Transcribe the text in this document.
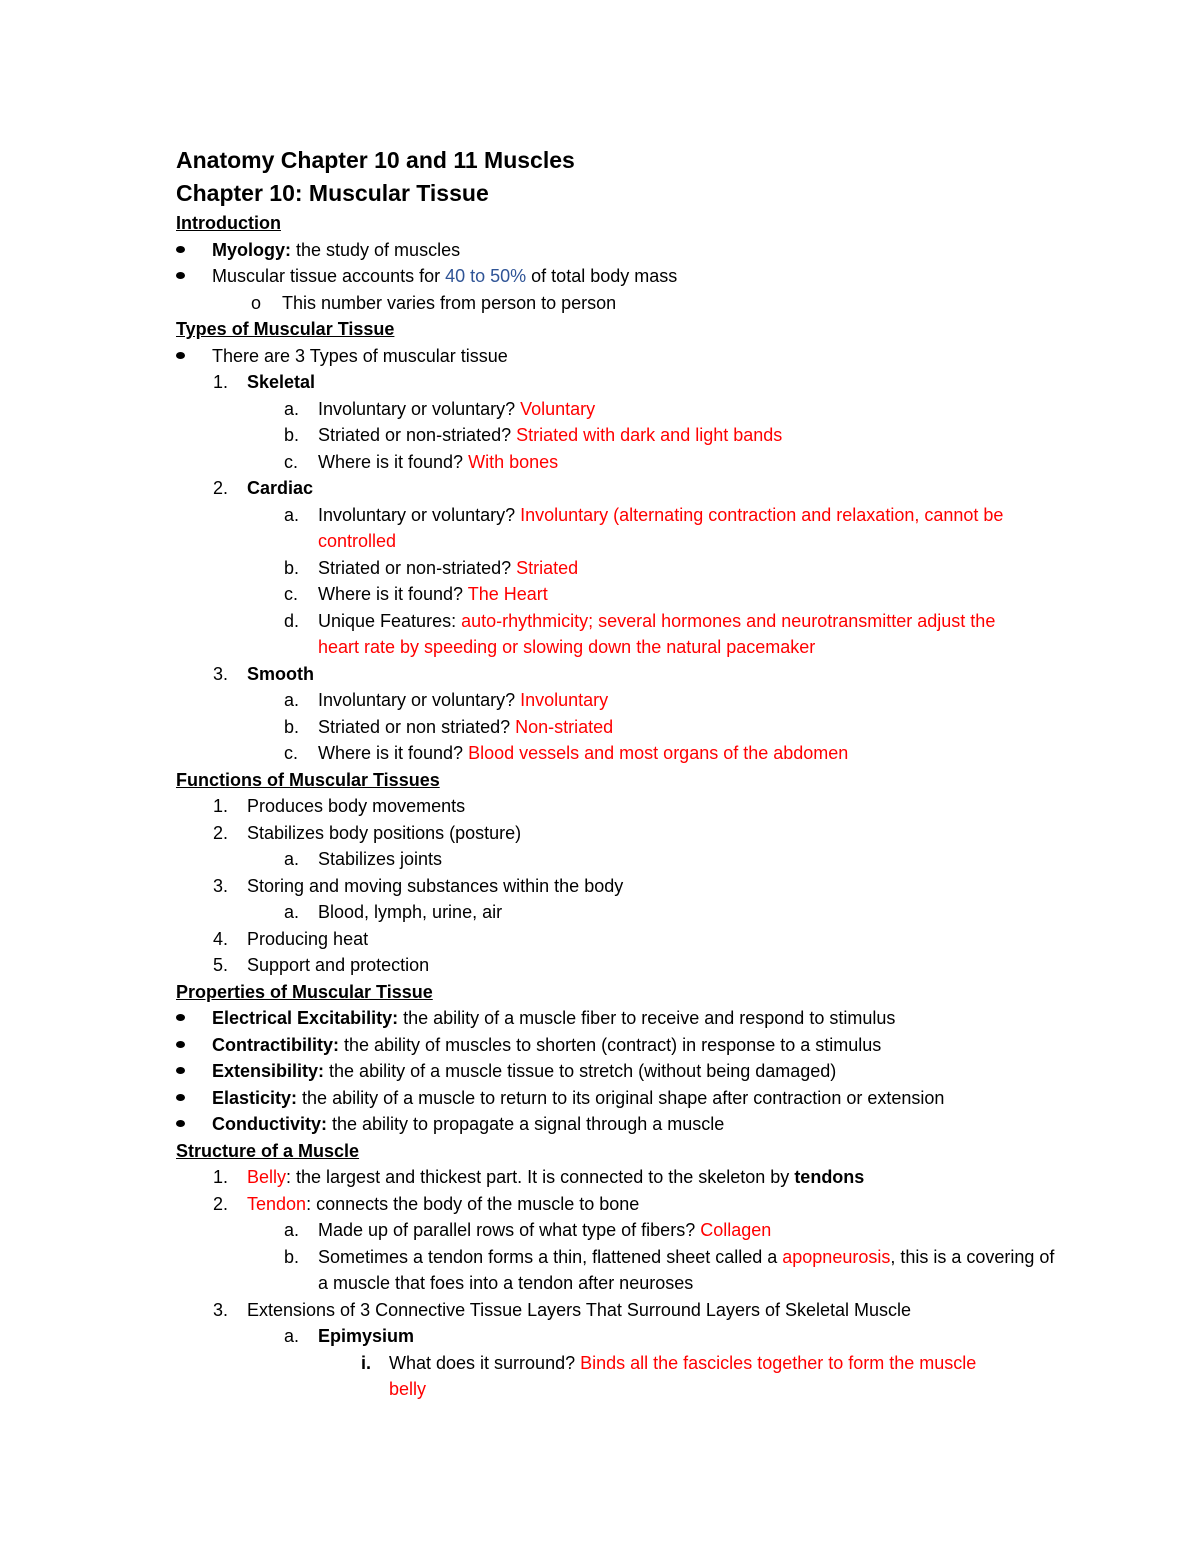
Anatomy Chapter 10 and 11 Muscles
Chapter 10: Muscular Tissue
Introduction
Myology: the study of muscles
Muscular tissue accounts for 40 to 50% of total body mass
o This number varies from person to person
Types of Muscular Tissue
There are 3 Types of muscular tissue
1. Skeletal
a. Involuntary or voluntary? Voluntary
b. Striated or non-striated? Striated with dark and light bands
c. Where is it found? With bones
2. Cardiac
a. Involuntary or voluntary? Involuntary (alternating contraction and relaxation, cannot be controlled
b. Striated or non-striated? Striated
c. Where is it found? The Heart
d. Unique Features: auto-rhythmicity; several hormones and neurotransmitter adjust the heart rate by speeding or slowing down the natural pacemaker
3. Smooth
a. Involuntary or voluntary? Involuntary
b. Striated or non striated? Non-striated
c. Where is it found? Blood vessels and most organs of the abdomen
Functions of Muscular Tissues
1. Produces body movements
2. Stabilizes body positions (posture)
a. Stabilizes joints
3. Storing and moving substances within the body
a. Blood, lymph, urine, air
4. Producing heat
5. Support and protection
Properties of Muscular Tissue
Electrical Excitability: the ability of a muscle fiber to receive and respond to stimulus
Contractibility: the ability of muscles to shorten (contract) in response to a stimulus
Extensibility: the ability of a muscle tissue to stretch (without being damaged)
Elasticity: the ability of a muscle to return to its original shape after contraction or extension
Conductivity: the ability to propagate a signal through a muscle
Structure of a Muscle
1. Belly: the largest and thickest part. It is connected to the skeleton by tendons
2. Tendon: connects the body of the muscle to bone
a. Made up of parallel rows of what type of fibers? Collagen
b. Sometimes a tendon forms a thin, flattened sheet called a apopneurosis, this is a covering of a muscle that foes into a tendon after neuroses
3. Extensions of 3 Connective Tissue Layers That Surround Layers of Skeletal Muscle
a. Epimysium
i. What does it surround? Binds all the fascicles together to form the muscle belly
